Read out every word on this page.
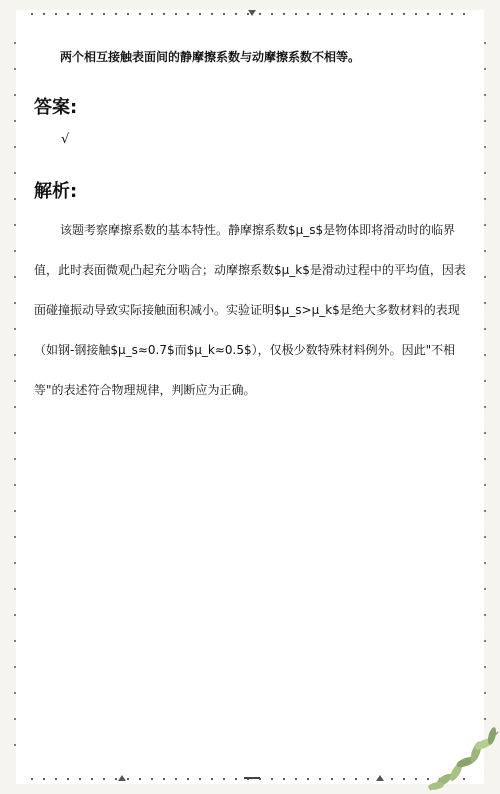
两个相互接触表面间的静摩擦系数与动摩擦系数不相等。
答案:
√
解析:

该题考察摩擦系数的基本特性。静摩擦系数$μ_s$是物体即将滑动时的临界值，此时表面微观凸起充分啮合；动摩擦系数$μ_k$是滑动过程中的平均值，因表面碰撞振动导致实际接触面积减小。实验证明$μ_s>μ_k$是绝大多数材料的表现（如钢-钢接触$μ_s≈0.7$而$μ_k≈0.5$），仅极少数特殊材料例外。因此"不相等"的表述符合物理规律，判断应为正确。
